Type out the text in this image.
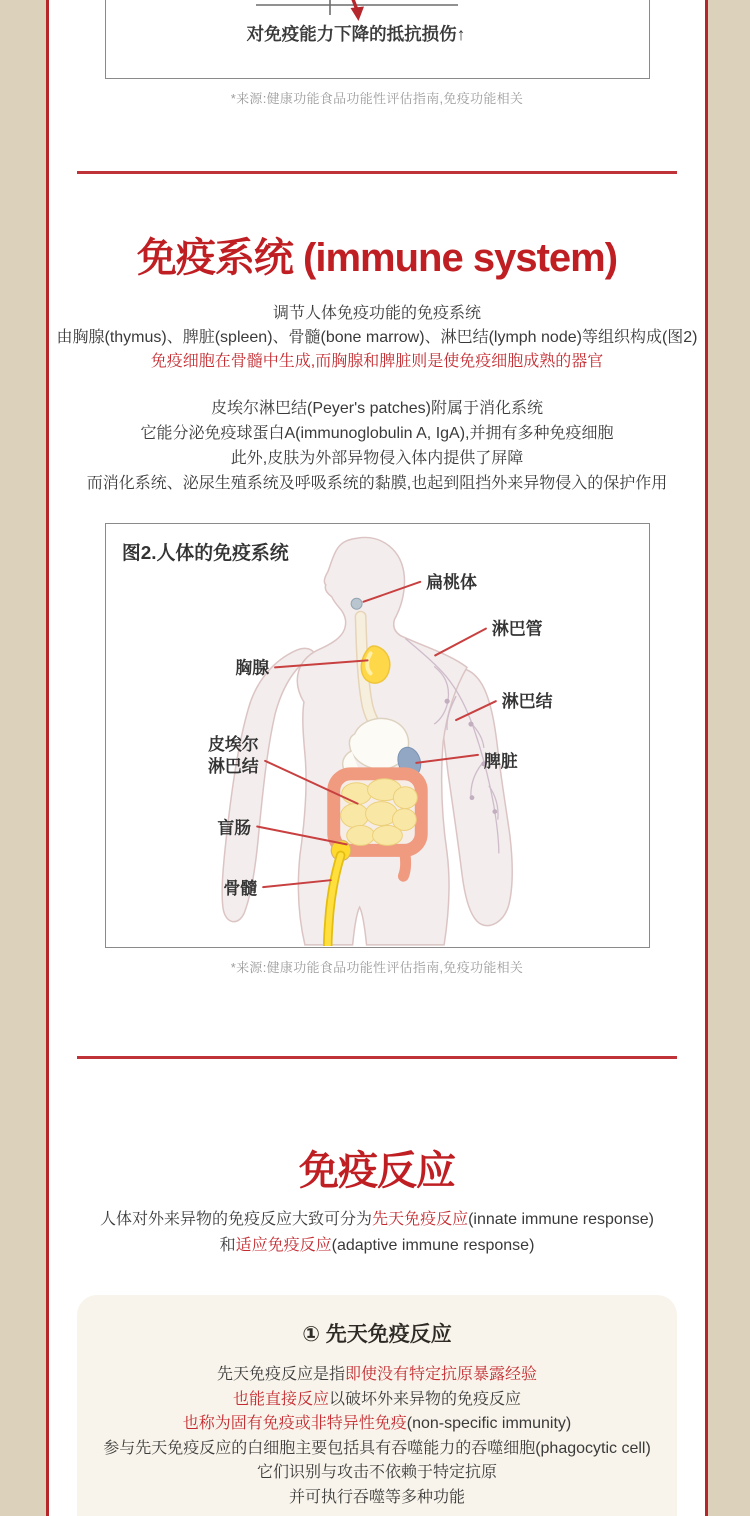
对免疫能力下降的抵抗损伤↑

*来源:健康功能食品功能性评估指南,免疫功能相关

免疫系统 (immune system)

调节人体免疫功能的免疫系统
由胸腺(thymus)、脾脏(spleen)、骨髓(bone marrow)、淋巴结(lymph node)等组织构成(图2)
免疫细胞在骨髓中生成,而胸腺和脾脏则是使免疫细胞成熟的器官

皮埃尔淋巴结(Peyer's patches)附属于消化系统
它能分泌免疫球蛋白A(immunoglobulin A, IgA),并拥有多种免疫细胞
此外,皮肤为外部异物侵入体内提供了屏障
而消化系统、泌尿生殖系统及呼吸系统的黏膜,也起到阻挡外来异物侵入的保护作用

图2.人体的免疫系统
扁桃体
淋巴管
胸腺
淋巴结
皮埃尔
淋巴结	脾脏
盲肠
骨髓

*来源:健康功能食品功能性评估指南,免疫功能相关

免疫反应

人体对外来异物的免疫反应大致可分为先天免疫反应(innate immune response)
和适应免疫反应(adaptive immune response)

① 先天免疫反应

先天免疫反应是指即使没有特定抗原暴露经验
也能直接反应以破坏外来异物的免疫反应
也称为固有免疫或非特异性免疫(non-specific immunity)
参与先天免疫反应的白细胞主要包括具有吞噬能力的吞噬细胞(phagocytic cell)
它们识别与攻击不依赖于特定抗原
并可执行吞噬等多种功能
